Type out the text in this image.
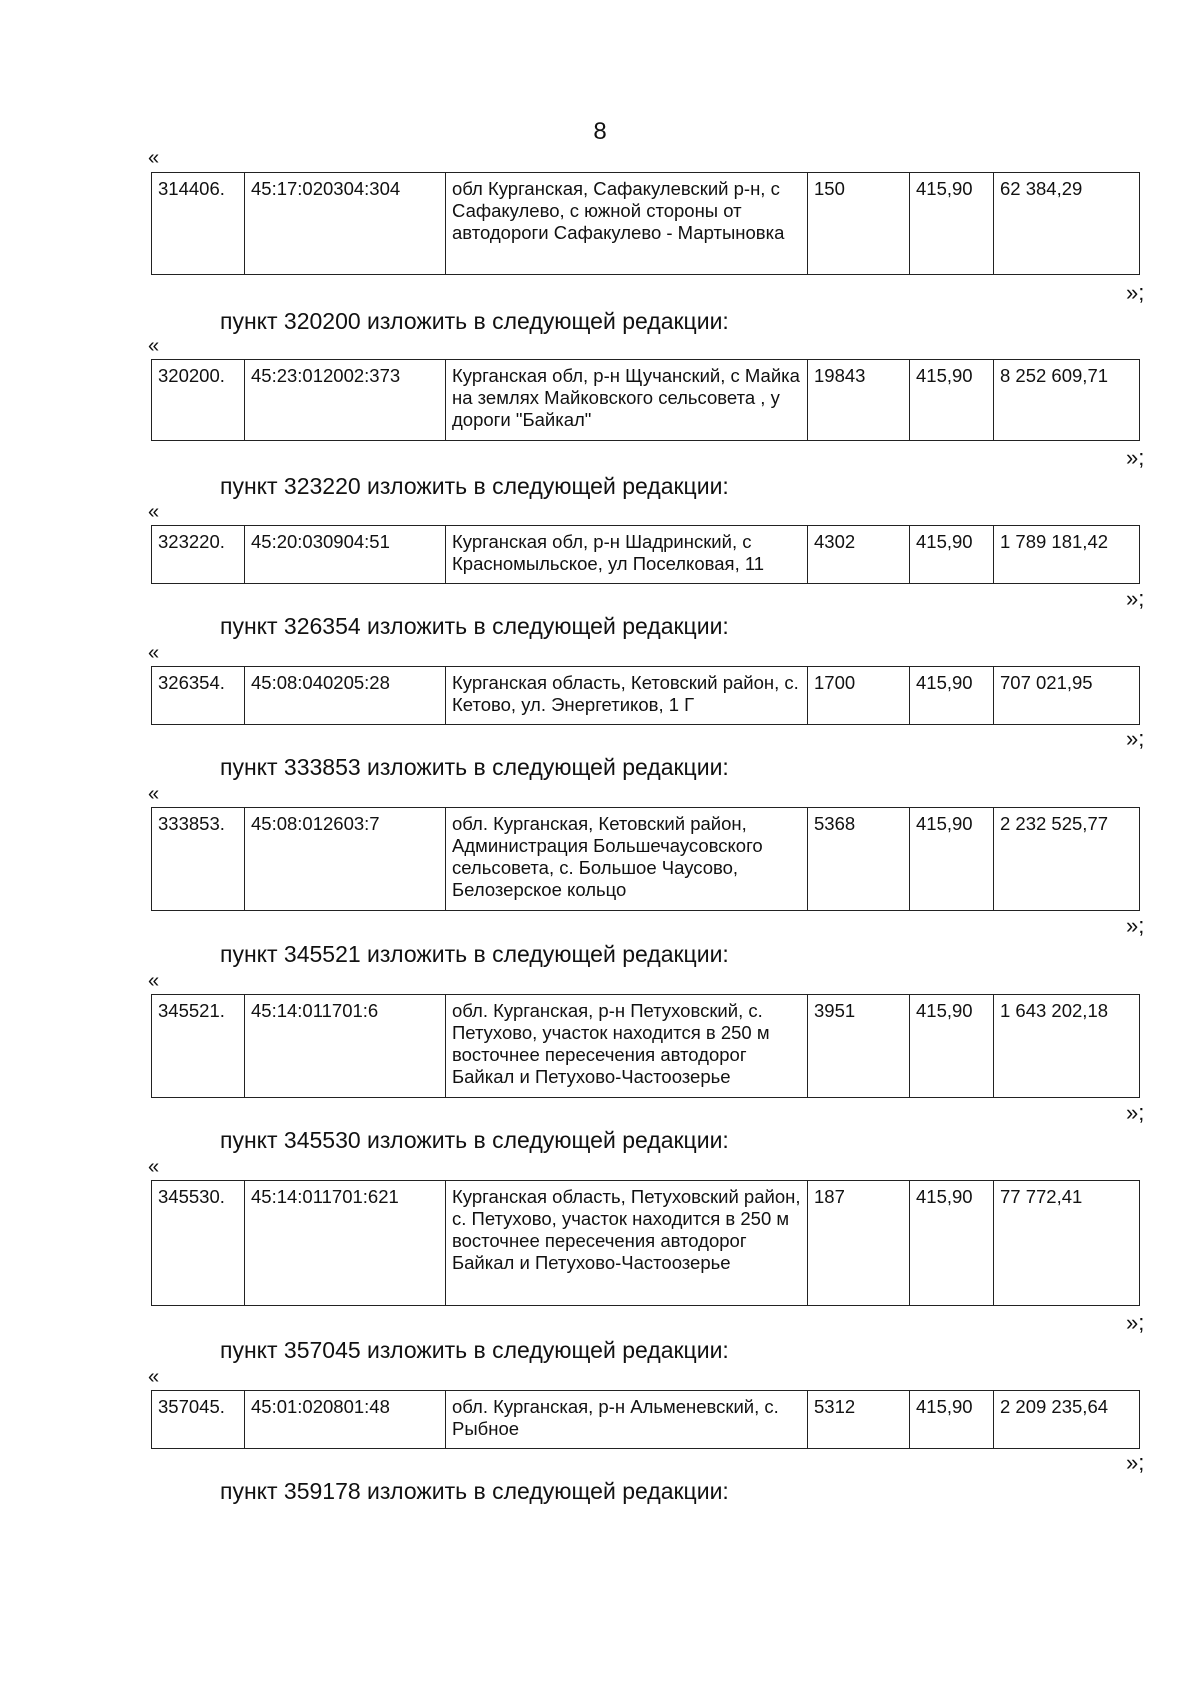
8
«
314406.	45:17:020304:304	обл Курганская, Сафакулевский р-н, с Сафакулево, с южной стороны от автодороги Сафакулево - Мартыновка	150	415,90	62 384,29
»;
пункт 320200 изложить в следующей редакции:
«
320200.	45:23:012002:373	Курганская обл, р-н Щучанский, с Майка на землях Майковского сельсовета , у дороги "Байкал"	19843	415,90	8 252 609,71
»;
пункт 323220 изложить в следующей редакции:
«
323220.	45:20:030904:51	Курганская обл, р-н Шадринский, с Красномыльское, ул Поселковая, 11	4302	415,90	1 789 181,42
»;
пункт 326354 изложить в следующей редакции:
«
326354.	45:08:040205:28	Курганская область, Кетовский район, с. Кетово, ул. Энергетиков, 1 Г	1700	415,90	707 021,95
»;
пункт 333853 изложить в следующей редакции:
«
333853.	45:08:012603:7	обл. Курганская, Кетовский район, Администрация Большечаусовского сельсовета, с. Большое Чаусово, Белозерское кольцо	5368	415,90	2 232 525,77
»;
пункт 345521 изложить в следующей редакции:
«
345521.	45:14:011701:6	обл. Курганская, р-н Петуховский, с. Петухово, участок находится в 250 м восточнее пересечения автодорог Байкал и Петухово-Частоозерье	3951	415,90	1 643 202,18
»;
пункт 345530 изложить в следующей редакции:
«
345530.	45:14:011701:621	Курганская область, Петуховский район, с. Петухово, участок находится в 250 м восточнее пересечения автодорог Байкал и Петухово-Частоозерье	187	415,90	77 772,41
»;
пункт 357045 изложить в следующей редакции:
«
357045.	45:01:020801:48	обл. Курганская, р-н Альменевский, с. Рыбное	5312	415,90	2 209 235,64
»;
пункт 359178 изложить в следующей редакции:
